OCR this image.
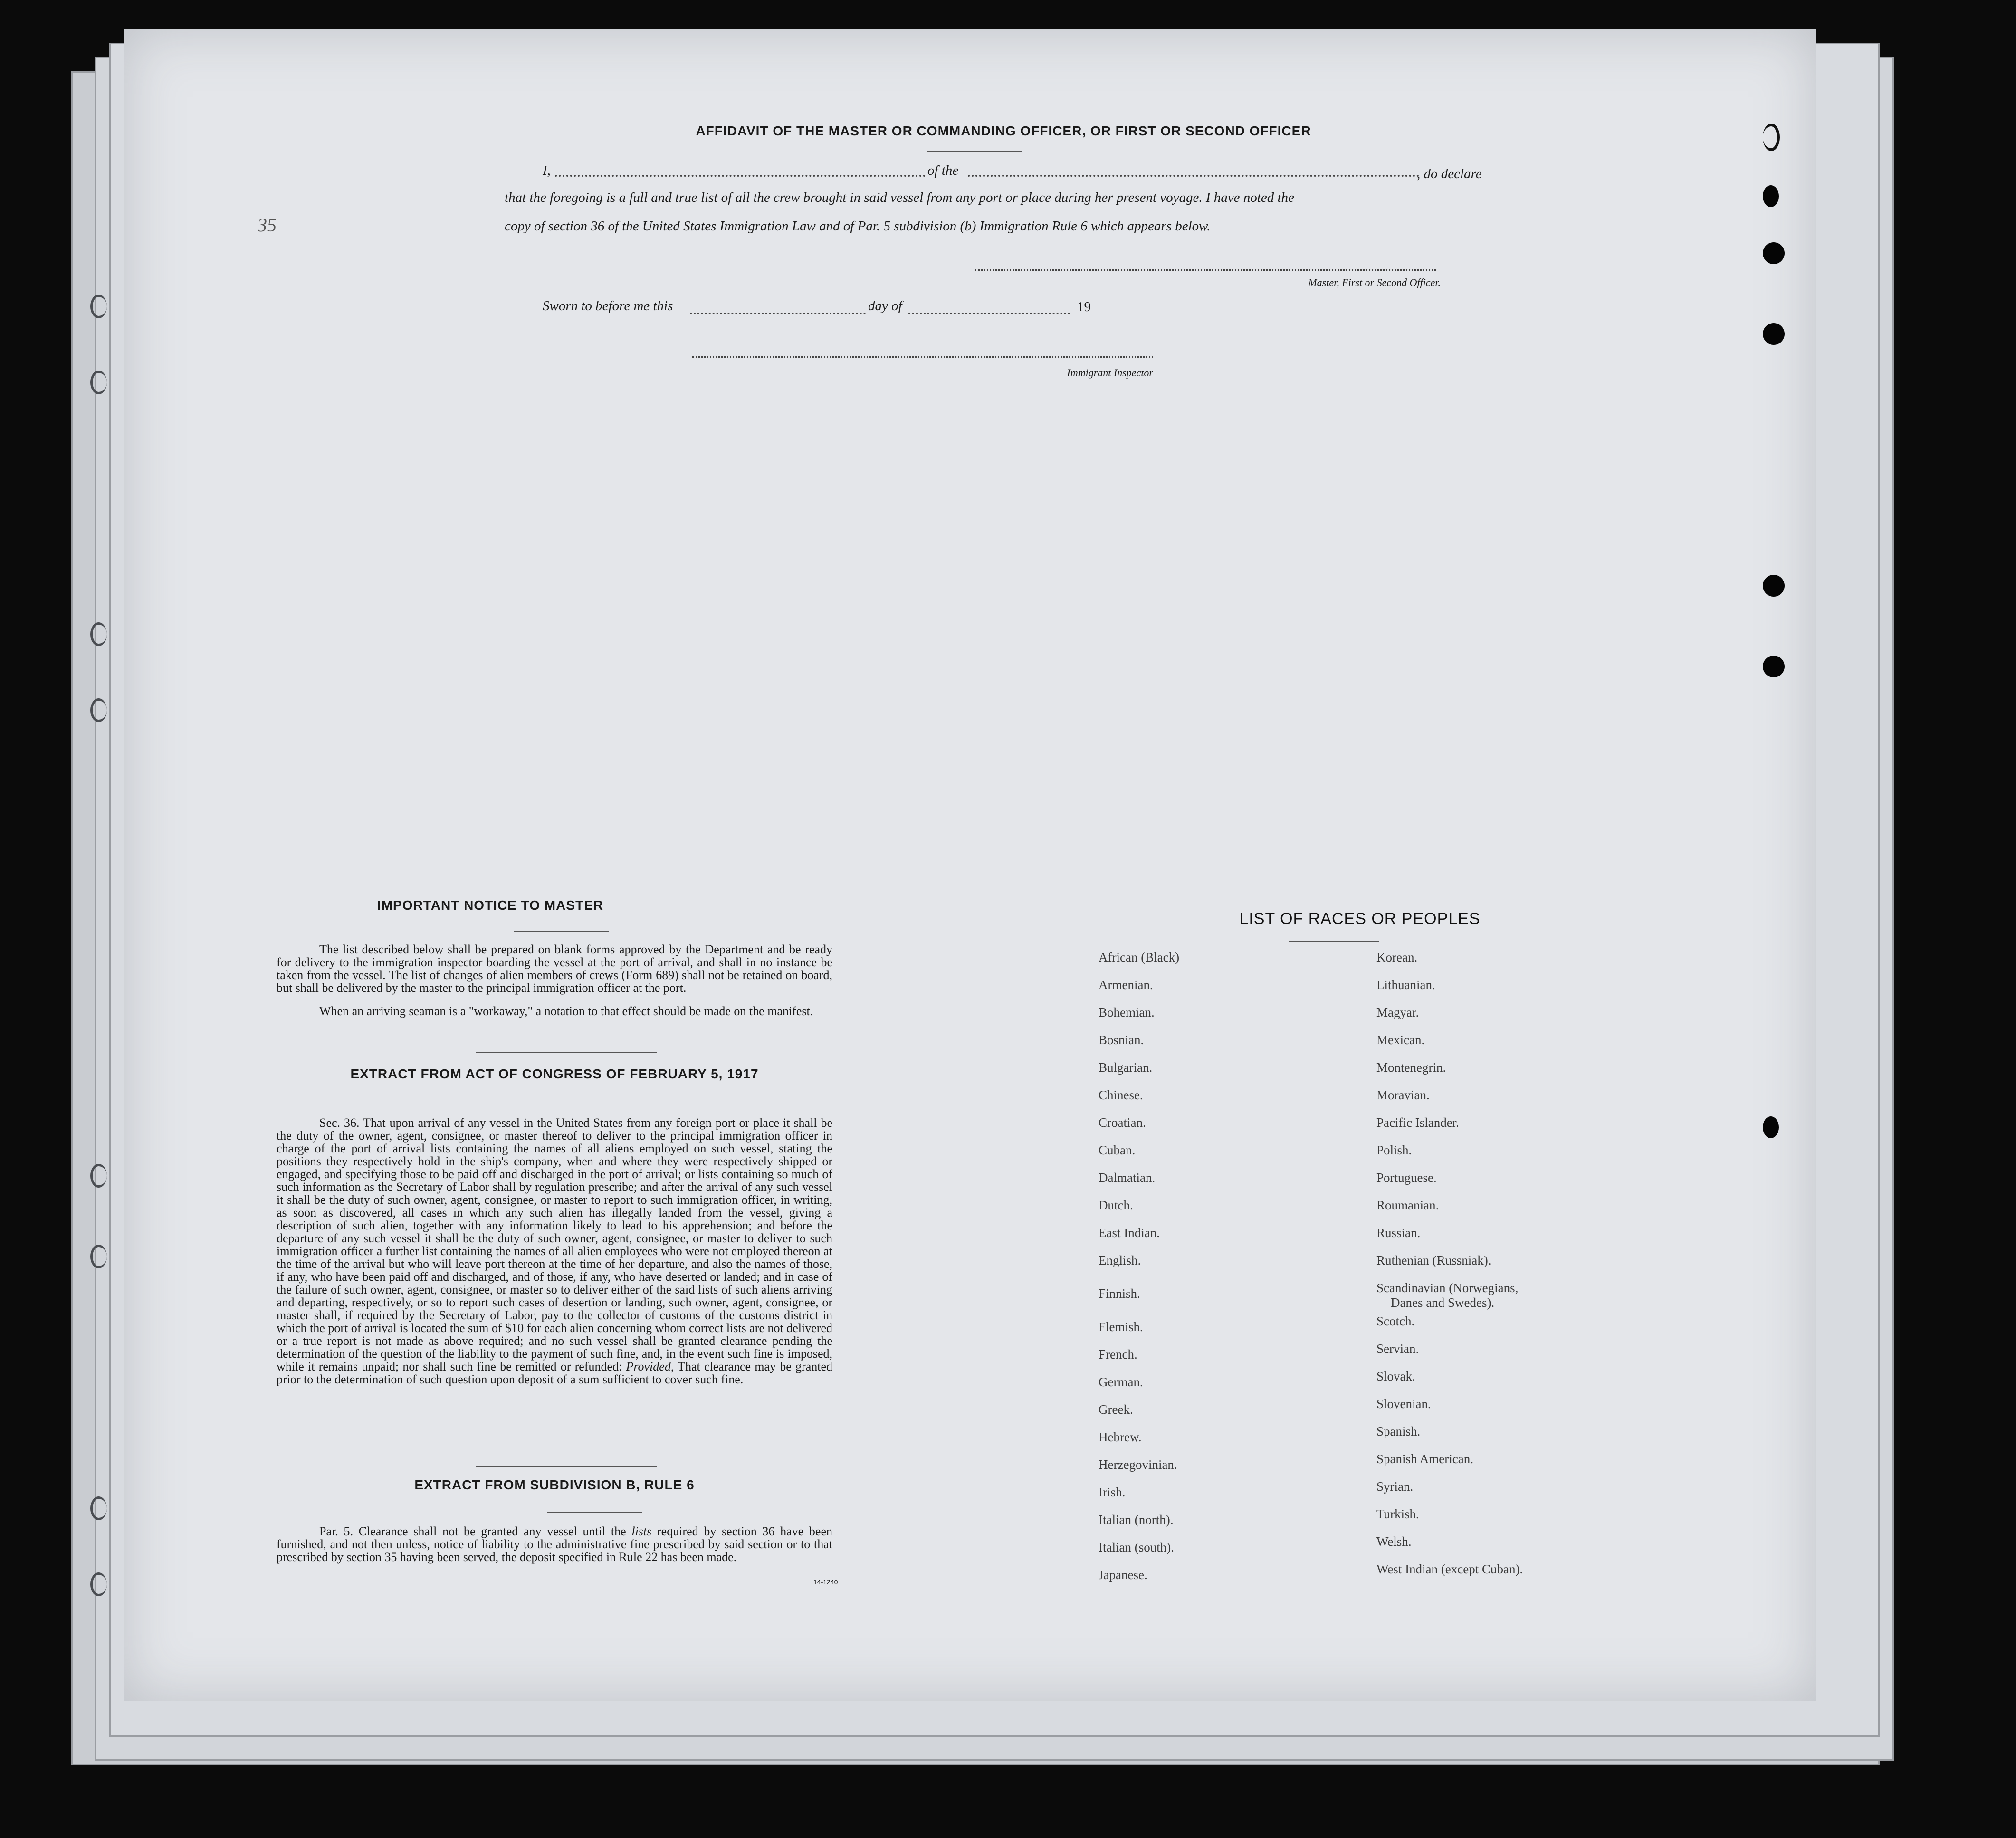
35
AFFIDAVIT OF THE MASTER OR COMMANDING OFFICER, OR FIRST OR SECOND OFFICER
I,	of the	, do declare
that the foregoing is a full and true list of all the crew brought in said vessel from any port or place during her present voyage. I have noted the
copy of section 36 of the United States Immigration Law and of Par. 5 subdivision (b) Immigration Rule 6 which appears below.
Master, First or Second Officer.
Sworn to before me this	day of	19
Immigrant Inspector
IMPORTANT NOTICE TO MASTER
The list described below shall be prepared on blank forms approved by the Department and be ready for delivery to the immigration inspector boarding the vessel at the port of arrival, and shall in no instance be taken from the vessel. The list of changes of alien members of crews (Form 689) shall not be retained on board, but shall be delivered by the master to the principal immigration officer at the port.
When an arriving seaman is a "workaway," a notation to that effect should be made on the manifest.
EXTRACT FROM ACT OF CONGRESS OF FEBRUARY 5, 1917
Sec. 36. That upon arrival of any vessel in the United States from any foreign port or place it shall be the duty of the owner, agent, consignee, or master thereof to deliver to the principal immigration officer in charge of the port of arrival lists containing the names of all aliens employed on such vessel, stating the positions they respectively hold in the ship's company, when and where they were respectively shipped or engaged, and specifying those to be paid off and discharged in the port of arrival; or lists containing so much of such information as the Secretary of Labor shall by regulation prescribe; and after the arrival of any such vessel it shall be the duty of such owner, agent, consignee, or master to report to such immigration officer, in writing, as soon as discovered, all cases in which any such alien has illegally landed from the vessel, giving a description of such alien, together with any information likely to lead to his apprehension; and before the departure of any such vessel it shall be the duty of such owner, agent, consignee, or master to deliver to such immigration officer a further list containing the names of all alien employees who were not employed thereon at the time of the arrival but who will leave port thereon at the time of her departure, and also the names of those, if any, who have been paid off and discharged, and of those, if any, who have deserted or landed; and in case of the failure of such owner, agent, consignee, or master so to deliver either of the said lists of such aliens arriving and departing, respectively, or so to report such cases of desertion or landing, such owner, agent, consignee, or master shall, if required by the Secretary of Labor, pay to the collector of customs of the customs district in which the port of arrival is located the sum of $10 for each alien concerning whom correct lists are not delivered or a true report is not made as above required; and no such vessel shall be granted clearance pending the determination of the question of the liability to the payment of such fine, and, in the event such fine is imposed, while it remains unpaid; nor shall such fine be remitted or refunded: Provided, That clearance may be granted prior to the determination of such question upon deposit of a sum sufficient to cover such fine.
EXTRACT FROM SUBDIVISION B, RULE 6
Par. 5. Clearance shall not be granted any vessel until the lists required by section 36 have been furnished, and not then unless, notice of liability to the administrative fine prescribed by said section or to that prescribed by section 35 having been served, the deposit specified in Rule 22 has been made.
14-1240
LIST OF RACES OR PEOPLES
African (Black)
Armenian.
Bohemian.
Bosnian.
Bulgarian.
Chinese.
Croatian.
Cuban.
Dalmatian.
Dutch.
East Indian.
English.
Finnish.
Flemish.
French.
German.
Greek.
Hebrew.
Herzegovinian.
Irish.
Italian (north).
Italian (south).
Japanese.
Korean.
Lithuanian.
Magyar.
Mexican.
Montenegrin.
Moravian.
Pacific Islander.
Polish.
Portuguese.
Roumanian.
Russian.
Ruthenian (Russniak).
Scandinavian (Norwegians,
Danes and Swedes).
Scotch.
Servian.
Slovak.
Slovenian.
Spanish.
Spanish American.
Syrian.
Turkish.
Welsh.
West Indian (except Cuban).
